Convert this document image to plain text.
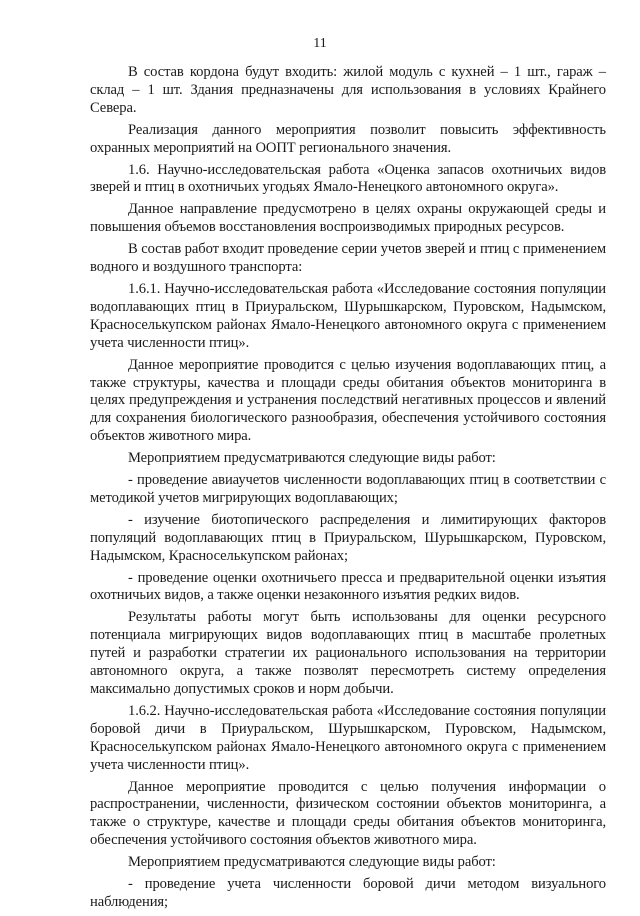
11

В состав кордона будут входить: жилой модуль с кухней – 1 шт., гараж – склад – 1 шт. Здания предназначены для использования в условиях Крайнего Севера.

Реализация данного мероприятия позволит повысить эффективность охранных мероприятий на ООПТ регионального значения.

1.6. Научно-исследовательская работа «Оценка запасов охотничьих видов зверей и птиц в охотничьих угодьях Ямало-Ненецкого автономного округа».

Данное направление предусмотрено в целях охраны окружающей среды и повышения объемов восстановления воспроизводимых природных ресурсов.

В состав работ входит проведение серии учетов зверей и птиц с применением водного и воздушного транспорта:

1.6.1. Научно-исследовательская работа «Исследование состояния популяции водоплавающих птиц в Приуральском, Шурышкарском, Пуровском, Надымском, Красноселькупском районах Ямало-Ненецкого автономного округа с применением учета численности птиц».

Данное мероприятие проводится с целью изучения водоплавающих птиц, а также структуры, качества и площади среды обитания объектов мониторинга в целях предупреждения и устранения последствий негативных процессов и явлений для сохранения биологического разнообразия, обеспечения устойчивого состояния объектов животного мира.

Мероприятием предусматриваются следующие виды работ:

- проведение авиаучетов численности водоплавающих птиц в соответствии с методикой учетов мигрирующих водоплавающих;

- изучение биотопического распределения и лимитирующих факторов популяций водоплавающих птиц в Приуральском, Шурышкарском, Пуровском, Надымском, Красноселькупском районах;

- проведение оценки охотничьего пресса и предварительной оценки изъятия охотничьих видов, а также оценки незаконного изъятия редких видов.

Результаты работы могут быть использованы для оценки ресурсного потенциала мигрирующих видов водоплавающих птиц в масштабе пролетных путей и разработки стратегии их рационального использования на территории автономного округа, а также позволят пересмотреть систему определения максимально допустимых сроков и норм добычи.

1.6.2. Научно-исследовательская работа «Исследование состояния популяции боровой дичи в Приуральском, Шурышкарском, Пуровском, Надымском, Красноселькупском районах Ямало-Ненецкого автономного округа с применением учета численности птиц».

Данное мероприятие проводится с целью получения информации о распространении, численности, физическом состоянии объектов мониторинга, а также о структуре, качестве и площади среды обитания объектов мониторинга, обеспечения устойчивого состояния объектов животного мира.

Мероприятием предусматриваются следующие виды работ:

- проведение учета численности боровой дичи методом визуального наблюдения;
